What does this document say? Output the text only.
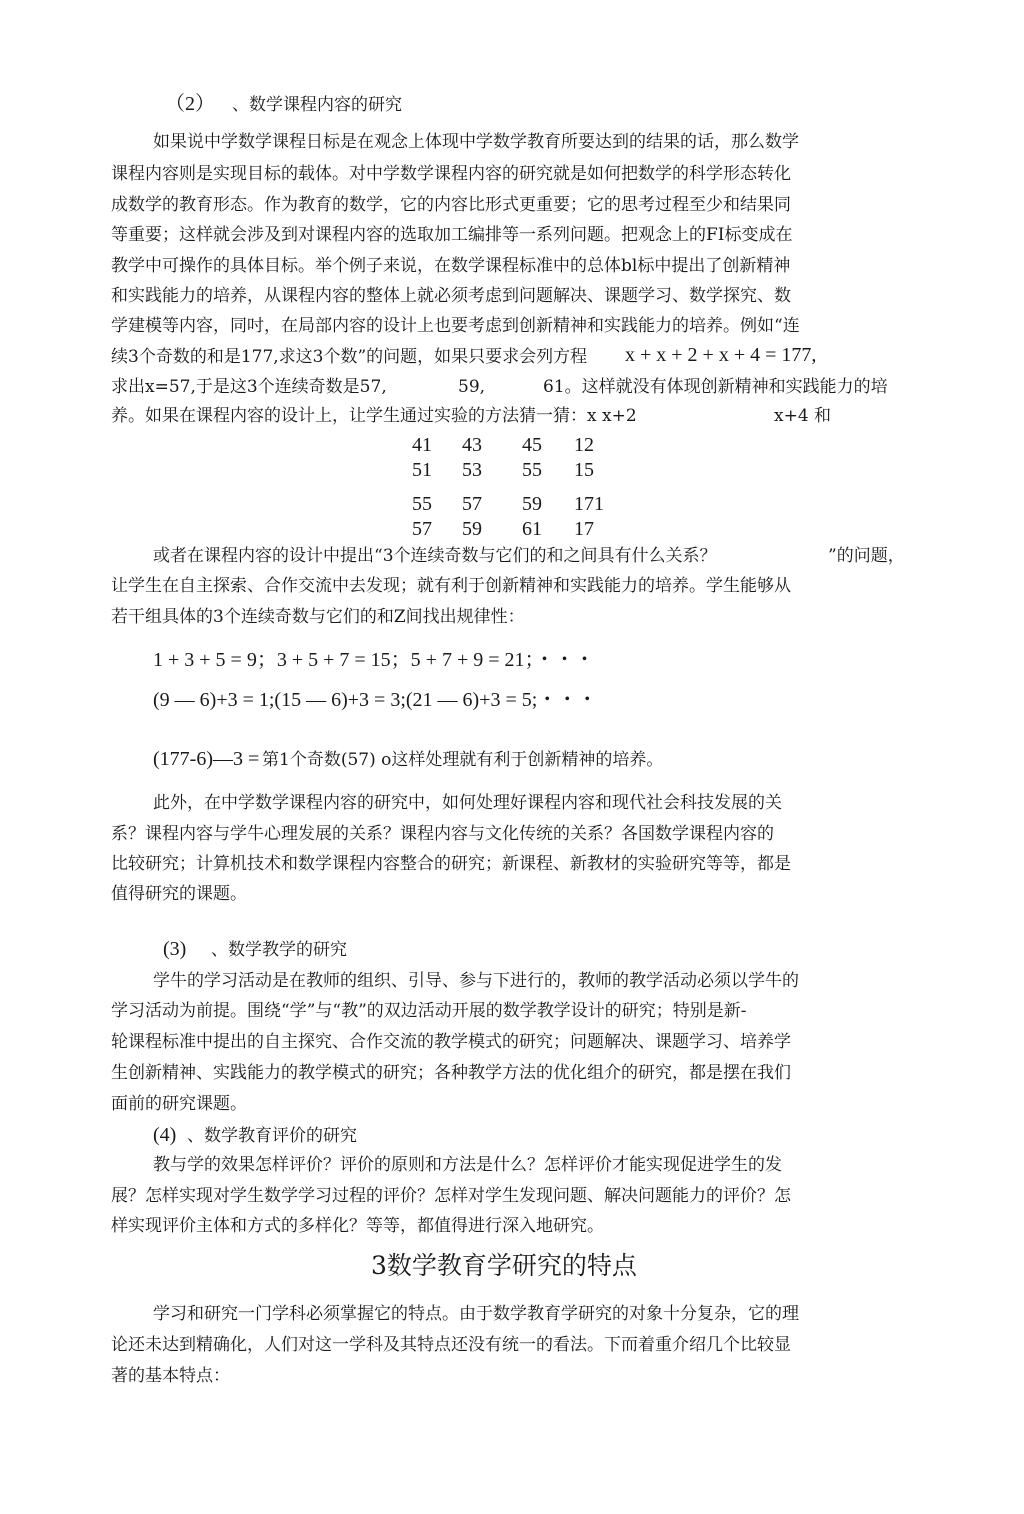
（2） 、数学课程内容的研究
如果说中学数学课程日标是在观念上体现中学数学教育所要达到的结果的话，那么数学
课程内容则是实现目标的载体。对中学数学课程内容的研究就是如何把数学的科学形态转化
成数学的教育形态。作为教育的数学，它的内容比形式更重要；它的思考过程至少和结果同
等重要；这样就会涉及到对课程内容的选取加工编排等一系列问题。把观念上的FI标变成在
教学中可操作的具体目标。举个例子来说，在数学课程标准中的总体bl标中提出了创新精神
和实践能力的培养，从课程内容的整体上就必须考虑到问题解决、课题学习、数学探究、数
学建模等内容，同吋，在局部内容的设计上也要考虑到创新精神和实践能力的培养。例如“连
续3个奇数的和是177,求这3个数”的问题，如果只要求会列方程 x + x + 2 + x + 4 = 177,
求出x=57,于是这3个连续奇数是57,	59,	61。这样就没有体现创新精神和实践能力的培
养。如果在课程内容的设计上，让学生通过实验的方法猜一猜：x x+2	x+4 和
41	43	45	12
51	53	55	15

55	57	59	171
57	59	61	17
或者在课程内容的设计中提出“3个连续奇数与它们的和之间具有什么关系？	”的问题，
让学生在自主探索、合作交流中去发现；就有利于创新精神和实践能力的培养。学生能够从
若干组具体的3个连续奇数与它们的和Z间找出规律性：
1 + 3 + 5 = 9；3 + 5 + 7 = 15；5 + 7 + 9 = 21；・・・
(9 — 6)+3 = 1;(15 — 6)+3 = 3;(21 — 6)+3 = 5;・・・
(177-6)—3 = 第1个奇数(57) o这样处理就有利于创新精神的培养。
此外，在中学数学课程内容的研究中，如何处理好课程内容和现代社会科技发展的关
系？课程内容与学牛心理发展的关系？课程内容与文化传统的关系？各国数学课程内容的
比较研究；计算机技术和数学课程内容整合的研究；新课程、新教材的实验研究等等，都是
值得研究的课题。
(3) 、数学教学的研究
学牛的学习活动是在教师的组织、引导、参与下进行的，教师的教学活动必须以学牛的
学习活动为前提。围绕“学”与“教”的双边活动开展的数学教学设计的研究；特别是新-
轮课程标准中提出的自主探究、合作交流的教学模式的研究；问题解决、课题学习、培养学
生创新精神、实践能力的教学模式的研究；各种教学方法的优化组介的研究，都是摆在我们
面前的研究课题。
(4) 、数学教育评价的研究
教与学的效果怎样评价？评价的原则和方法是什么？怎样评价才能实现促进学生的发
展？怎样实现对学生数学学习过程的评价？怎样对学生发现问题、解决问题能力的评价？怎
样实现评价主体和方式的多样化？等等，都值得进行深入地研究。
3数学教育学研究的特点
学习和研究一门学科必须掌握它的特点。由于数学教育学研究的对象十分复杂，它的理
论还未达到精确化，人们对这一学科及其特点还没有统一的看法。下而着重介绍几个比较显
著的基本特点：
